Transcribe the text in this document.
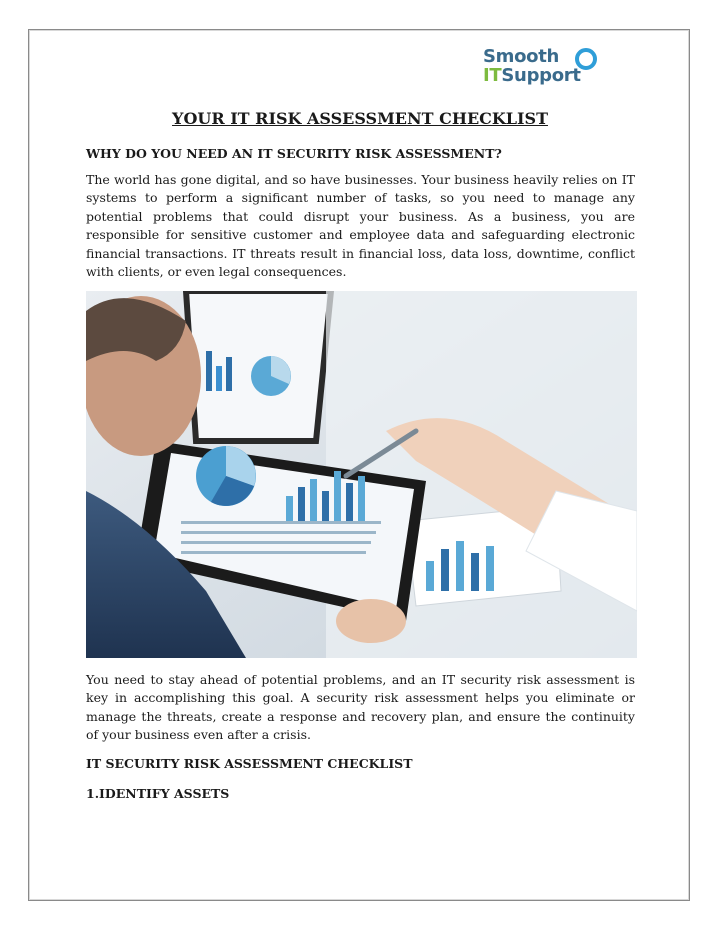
Smooth
ITSupport
YOUR IT RISK ASSESSMENT CHECKLIST
WHY DO YOU NEED AN IT SECURITY RISK ASSESSMENT?

The world has gone digital, and so have businesses. Your business heavily relies on IT systems to perform a significant number of tasks, so you need to manage any potential problems that could disrupt your business. As a business, you are responsible for sensitive customer and employee data and safeguarding electronic financial transactions. IT threats result in financial loss, data loss, downtime, conflict with clients, or even legal consequences.

You need to stay ahead of potential problems, and an IT security risk assessment is key in accomplishing this goal. A security risk assessment helps you eliminate or manage the threats, create a response and recovery plan, and ensure the continuity of your business even after a crisis.

IT SECURITY RISK ASSESSMENT CHECKLIST
1.IDENTIFY ASSETS
